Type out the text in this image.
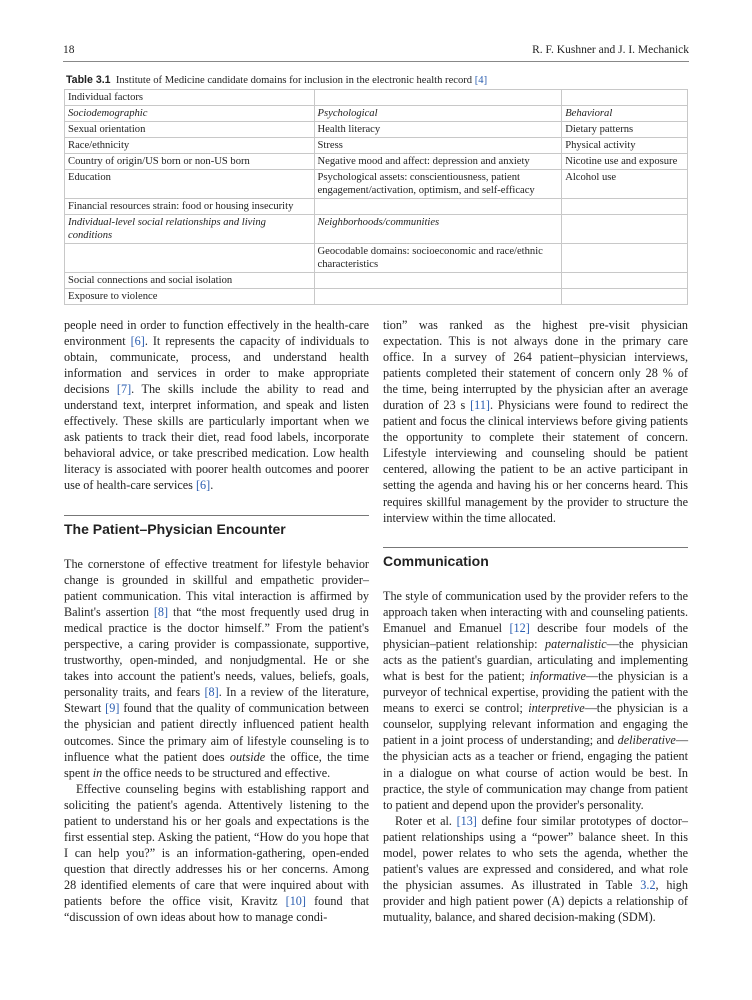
18	R. F. Kushner and J. I. Mechanick
Table 3.1 Institute of Medicine candidate domains for inclusion in the electronic health record [4]
Individual factors		
Sociodemographic	Psychological	Behavioral
Sexual orientation	Health literacy	Dietary patterns
Race/ethnicity	Stress	Physical activity
Country of origin/US born or non-US born	Negative mood and affect: depression and anxiety	Nicotine use and exposure
Education	Psychological assets: conscientiousness, patient engagement/activation, optimism, and self-efficacy	Alcohol use
Financial resources strain: food or housing insecurity		
Individual-level social relationships and living conditions	Neighborhoods/communities	
	Geocodable domains: socioeconomic and race/ethnic characteristics	
Social connections and social isolation		
Exposure to violence		

people need in order to function effectively in the health-care environment [6]. It represents the capacity of individuals to obtain, communicate, process, and understand health information and services in order to make appropriate decisions [7]. The skills include the ability to read and understand text, interpret information, and speak and listen effectively. These skills are particularly important when we ask patients to track their diet, read food labels, incorporate behavioral advice, or take prescribed medication. Low health literacy is associated with poorer health outcomes and poorer use of health-care services [6].

The Patient–Physician Encounter

The cornerstone of effective treatment for lifestyle behavior change is grounded in skillful and empathetic provider–patient communication. This vital interaction is affirmed by Balint's assertion [8] that “the most frequently used drug in medical practice is the doctor himself.” From the patient's perspective, a caring provider is compassionate, supportive, trustworthy, open-minded, and nonjudgmental. He or she takes into account the patient's needs, values, beliefs, goals, personality traits, and fears [8]. In a review of the literature, Stewart [9] found that the quality of communication between the physician and patient directly influenced patient health outcomes. Since the primary aim of lifestyle counseling is to influence what the patient does outside the office, the time spent in the office needs to be structured and effective.

Effective counseling begins with establishing rapport and soliciting the patient's agenda. Attentively listening to the patient to understand his or her goals and expectations is the first essential step. Asking the patient, “How do you hope that I can help you?” is an information-gathering, open-ended question that directly addresses his or her concerns. Among 28 identified elements of care that were inquired about with patients before the office visit, Kravitz [10] found that “discussion of own ideas about how to manage condi-

tion” was ranked as the highest pre-visit physician expectation. This is not always done in the primary care office. In a survey of 264 patient–physician interviews, patients completed their statement of concern only 28 % of the time, being interrupted by the physician after an average duration of 23 s [11]. Physicians were found to redirect the patient and focus the clinical interviews before giving patients the opportunity to complete their statement of concern. Lifestyle interviewing and counseling should be patient centered, allowing the patient to be an active participant in setting the agenda and having his or her concerns heard. This requires skillful management by the provider to structure the interview within the time allocated.

Communication

The style of communication used by the provider refers to the approach taken when interacting with and counseling patients. Emanuel and Emanuel [12] describe four models of the physician–patient relationship: paternalistic—the physician acts as the patient's guardian, articulating and implementing what is best for the patient; informative—the physician is a purveyor of technical expertise, providing the patient with the means to exerci se control; interpretive—the physician is a counselor, supplying relevant information and engaging the patient in a joint process of understanding; and deliberative—the physician acts as a teacher or friend, engaging the patient in a dialogue on what course of action would be best. In practice, the style of communication may change from patient to patient and depend upon the provider's personality.

Roter et al. [13] define four similar prototypes of doctor–patient relationships using a “power” balance sheet. In this model, power relates to who sets the agenda, whether the patient's values are expressed and considered, and what role the physician assumes. As illustrated in Table 3.2, high provider and high patient power (A) depicts a relationship of mutuality, balance, and shared decision-making (SDM).
